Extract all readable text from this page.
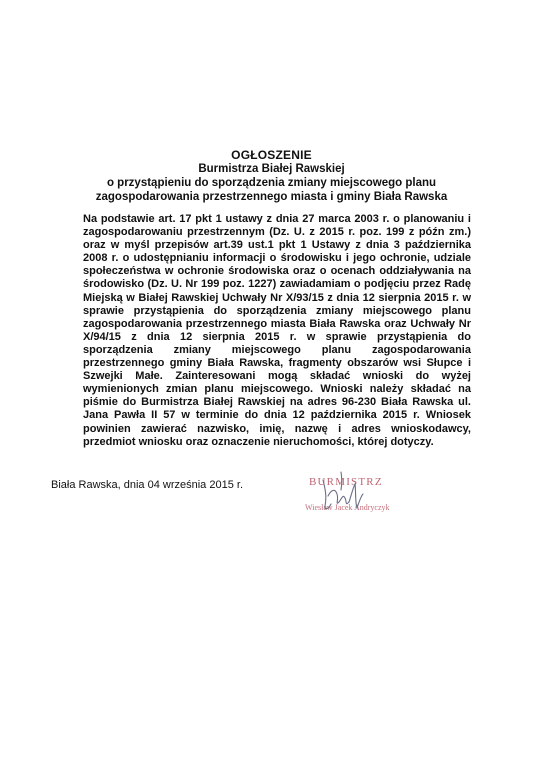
OGŁOSZENIE
Burmistrza Białej Rawskiej
o przystąpieniu do sporządzenia zmiany miejscowego planu
zagospodarowania przestrzennego miasta i gminy Biała Rawska
Na podstawie art. 17 pkt 1 ustawy z dnia 27 marca 2003 r. o planowaniu i zagospodarowaniu przestrzennym (Dz. U. z 2015 r. poz. 199 z późn zm.) oraz w myśl przepisów art.39 ust.1 pkt 1 Ustawy z dnia 3 października 2008 r. o udostępnianiu informacji o środowisku i jego ochronie, udziale społeczeństwa w ochronie środowiska oraz o ocenach oddziaływania na środowisko (Dz. U. Nr 199 poz. 1227) zawiadamiam o podjęciu przez Radę Miejską w Białej Rawskiej Uchwały Nr X/93/15 z dnia 12 sierpnia 2015 r. w sprawie przystąpienia do sporządzenia zmiany miejscowego planu zagospodarowania przestrzennego miasta Biała Rawska oraz Uchwały Nr X/94/15 z dnia 12 sierpnia 2015 r. w sprawie przystąpienia do sporządzenia zmiany miejscowego planu zagospodarowania przestrzennego gminy Biała Rawska, fragmenty obszarów wsi Słupce i Szwejki Małe. Zainteresowani mogą składać wnioski do wyżej wymienionych zmian planu miejscowego. Wnioski należy składać na piśmie do Burmistrza Białej Rawskiej na adres 96-230 Biała Rawska ul. Jana Pawła II 57 w terminie do dnia 12 października 2015 r. Wniosek powinien zawierać nazwisko, imię, nazwę i adres wnioskodawcy, przedmiot wniosku oraz oznaczenie nieruchomości, której dotyczy.
Biała Rawska, dnia 04 września 2015 r.	BURMISTRZ
Wiesław Jacek Andryczyk
